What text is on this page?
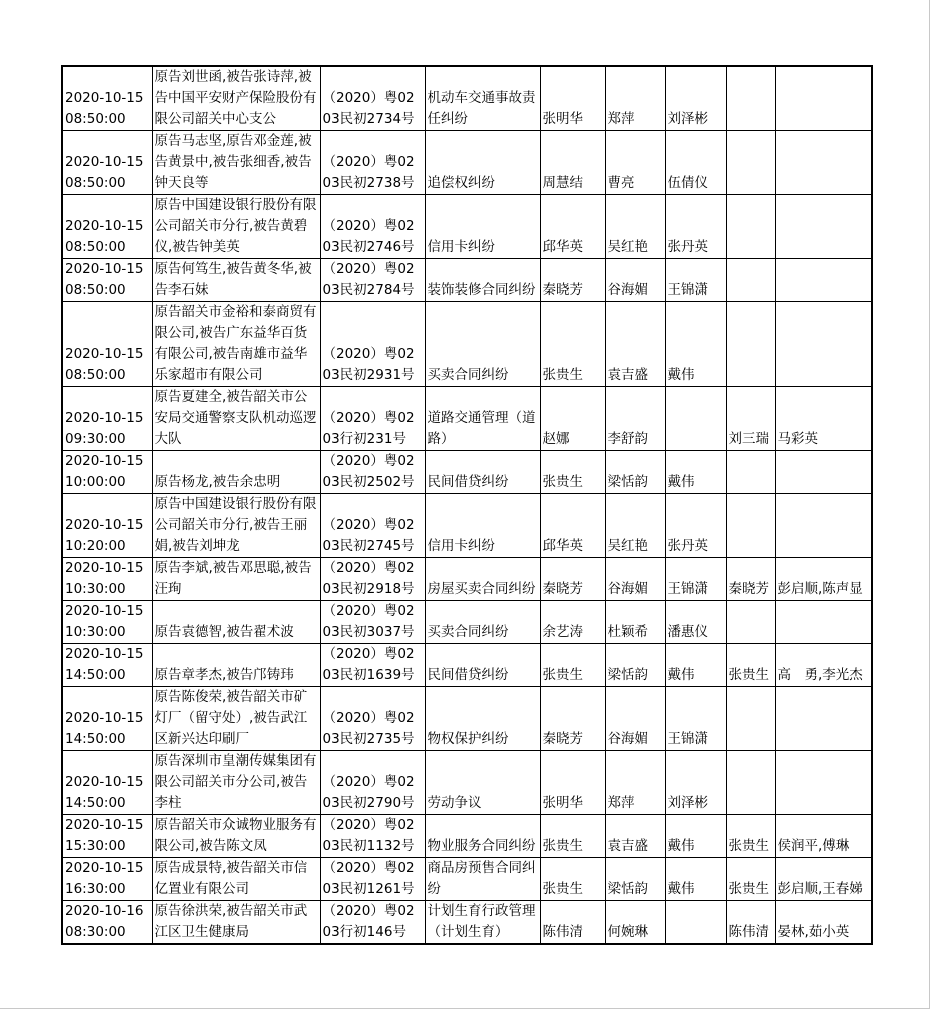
2020-10-15 08:50:00	原告刘世函,被告张诗萍,被告中国平安财产保险股份有限公司韶关中心支公	（2020）粤0203民初2734号	机动车交通事故责任纠纷	张明华	郑萍	刘泽彬		
2020-10-15 08:50:00	原告马志坚,原告邓金莲,被告黄景中,被告张细香,被告钟天良等	（2020）粤0203民初2738号	追偿权纠纷	周慧结	曹亮	伍倩仪		
2020-10-15 08:50:00	原告中国建设银行股份有限公司韶关市分行,被告黄碧仪,被告钟美英	（2020）粤0203民初2746号	信用卡纠纷	邱华英	吴红艳	张丹英		
2020-10-15 08:50:00	原告何笃生,被告黄冬华,被告李石妹	（2020）粤0203民初2784号	装饰装修合同纠纷	秦晓芳	谷海媚	王锦潇		
2020-10-15 08:50:00	原告韶关市金裕和泰商贸有限公司,被告广东益华百货有限公司,被告南雄市益华乐家超市有限公司	（2020）粤0203民初2931号	买卖合同纠纷	张贵生	袁吉盛	戴伟		
2020-10-15 09:30:00	原告夏建全,被告韶关市公安局交通警察支队机动巡逻大队	（2020）粤0203行初231号	道路交通管理（道路）	赵娜	李舒韵		刘三瑞	马彩英
2020-10-15 10:00:00	原告杨龙,被告余忠明	（2020）粤0203民初2502号	民间借贷纠纷	张贵生	梁恬韵	戴伟		
2020-10-15 10:20:00	原告中国建设银行股份有限公司韶关市分行,被告王丽娟,被告刘坤龙	（2020）粤0203民初2745号	信用卡纠纷	邱华英	吴红艳	张丹英		
2020-10-15 10:30:00	原告李斌,被告邓思聪,被告汪珣	（2020）粤0203民初2918号	房屋买卖合同纠纷	秦晓芳	谷海媚	王锦潇	秦晓芳	彭启顺,陈声显
2020-10-15 10:30:00	原告袁德智,被告翟术波	（2020）粤0203民初3037号	买卖合同纠纷	余艺涛	杜颖希	潘惠仪		
2020-10-15 14:50:00	原告章孝杰,被告邝铸玮	（2020）粤0203民初1639号	民间借贷纠纷	张贵生	梁恬韵	戴伟	张贵生	高　勇,李光杰
2020-10-15 14:50:00	原告陈俊荣,被告韶关市矿灯厂（留守处）,被告武江区新兴达印刷厂	（2020）粤0203民初2735号	物权保护纠纷	秦晓芳	谷海媚	王锦潇		
2020-10-15 14:50:00	原告深圳市皇潮传媒集团有限公司韶关市分公司,被告李柱	（2020）粤0203民初2790号	劳动争议	张明华	郑萍	刘泽彬		
2020-10-15 15:30:00	原告韶关市众诚物业服务有限公司,被告陈文凤	（2020）粤0203民初1132号	物业服务合同纠纷	张贵生	袁吉盛	戴伟	张贵生	侯润平,傅琳
2020-10-15 16:30:00	原告成景特,被告韶关市信亿置业有限公司	（2020）粤0203民初1261号	商品房预售合同纠纷	张贵生	梁恬韵	戴伟	张贵生	彭启顺,王春娣
2020-10-16 08:30:00	原告徐洪荣,被告韶关市武江区卫生健康局	（2020）粤0203行初146号	计划生育行政管理（计划生育）	陈伟清	何婉琳		陈伟清	晏林,茹小英
